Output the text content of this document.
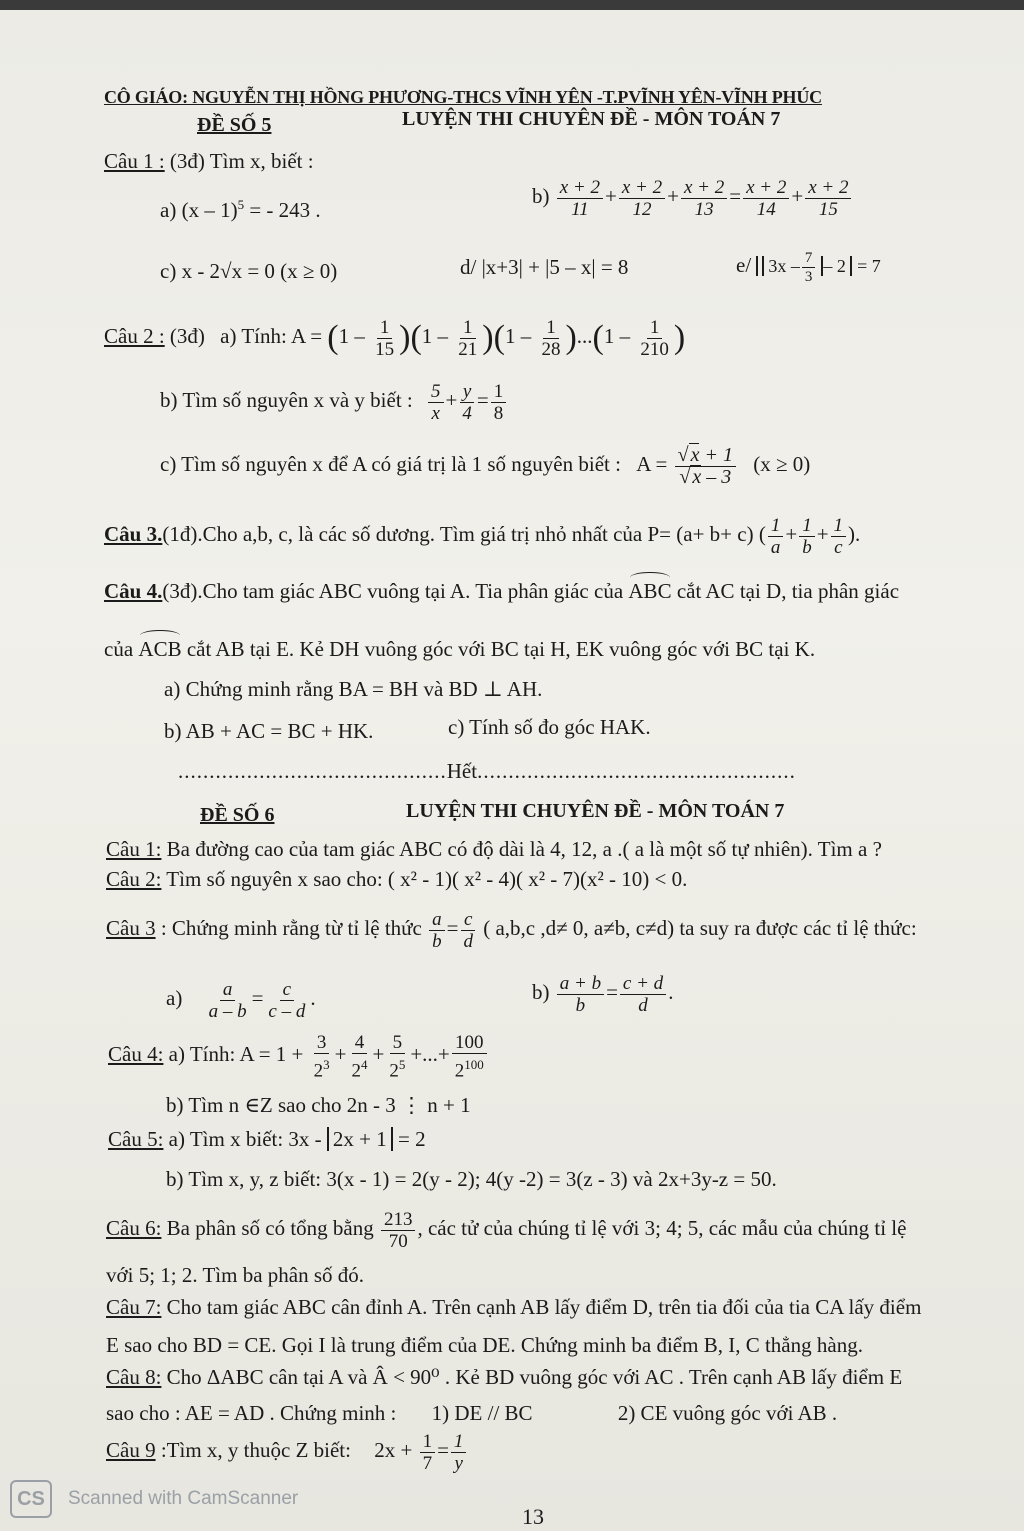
CÔ GIÁO: NGUYỄN THỊ HỒNG PHƯƠNG-THCS VĨNH YÊN -T.PVĨNH YÊN-VĨNH PHÚC
ĐỀ SỐ 5	LUYỆN THI CHUYÊN ĐỀ - MÔN TOÁN 7
Câu 1 : (3đ) Tìm x, biết :
a) (x – 1)$^5$ = - 243 .
$b) \frac{x + 2}{11} + \frac{x + 2}{12} + \frac{x + 2}{13} = \frac{x + 2}{14} + \frac{x + 2}{15}$
c) x - 2√x = 0 (x ≥ 0)	d/ |x+3| + |5 – x| = 8	e/ $3x - \frac{7}{3} - 2 = 7$
Câu 2 : (3đ) a) Tính: $A = (1 - \frac{1}{15} )(1 - \frac{1}{21} )(1 - \frac{1}{28} )...(1 - \frac{1}{210}$ )
b) Tìm số nguyên x và y biết : $\frac{5}{x} + \frac{y}{4} = \frac{1}{8}$
c) Tìm số nguyên x để A có giá trị là 1 số nguyên biết : $A = \frac{√ x + 1}{√ x - 3} (x \ge 0)$
Câu 3.(1đ).Cho a,b, c, là các số dương. Tìm giá trị nhỏ nhất của P= (a+ b+ c) ( $\frac{1}{a} + \frac{1}{b} + \frac{1}{c}$ ).
Câu 4.(3đ).Cho tam giác ABC vuông tại A. Tia phân giác của ABC cắt AC tại D, tia phân giác
của ACB cắt AB tại E. Kẻ DH vuông góc với BC tại H, EK vuông góc với BC tại K.
a) Chứng minh rằng BA = BH và BD ⊥ AH.
b) AB + AC = BC + HK.	c) Tính số đo góc HAK.
...........................................Hết...................................................
ĐỀ SỐ 6	LUYỆN THI CHUYÊN ĐỀ - MÔN TOÁN 7
Câu 1: Ba đường cao của tam giác ABC có độ dài là 4, 12, a .( a là một số tự nhiên). Tìm a ?
Câu 2: Tìm số nguyên x sao cho: ( x² - 1)( x² - 4)( x² - 7)(x² - 10) < 0.
Câu 3 : Chứng minh rằng từ tỉ lệ thức $\frac{a}{b} = \frac{c}{d}$ ( a,b,c ,d≠ 0, a≠b, c≠d) ta suy ra được các tỉ lệ thức:
$a) \frac{a}{a - b} = \frac{c}{c - d}$ .	$b) \frac{a + b}{b} = \frac{c + d}{d}$ .
Câu 4: a) Tính: $A = 1 + \frac{3}{2^3} + \frac{4}{2^4} + \frac{5}{2^5}$ +...+ $\frac{100}{2^{100}}$
b) Tìm n ∈Z sao cho 2n - 3 ⋮ n + 1
Câu 5: a) Tìm x biết: 3x - 2x + 1 = 2
b) Tìm x, y, z biết: 3(x - 1) = 2(y - 2); 4(y -2) = 3(z - 3) và 2x+3y-z = 50.
Câu 6: Ba phân số có tổng bằng $\frac{213}{70}$ , các tử của chúng tỉ lệ với 3; 4; 5, các mẫu của chúng tỉ lệ
với 5; 1; 2. Tìm ba phân số đó.
Câu 7: Cho tam giác ABC cân đỉnh A. Trên cạnh AB lấy điểm D, trên tia đối của tia CA lấy điểm
E sao cho BD = CE. Gọi I là trung điểm của DE. Chứng minh ba điểm B, I, C thẳng hàng.
Câu 8: Cho ΔABC cân tại A và Â < 90⁰ . Kẻ BD vuông góc với AC . Trên cạnh AB lấy điểm E
sao cho : AE = AD . Chứng minh : 1) DE // BC	2) CE vuông góc với AB .
Câu 9 :Tìm x, y thuộc Z biết: $2x + \frac{1}{7} = \frac{1}{y}$
CS	Scanned with CamScanner
13
